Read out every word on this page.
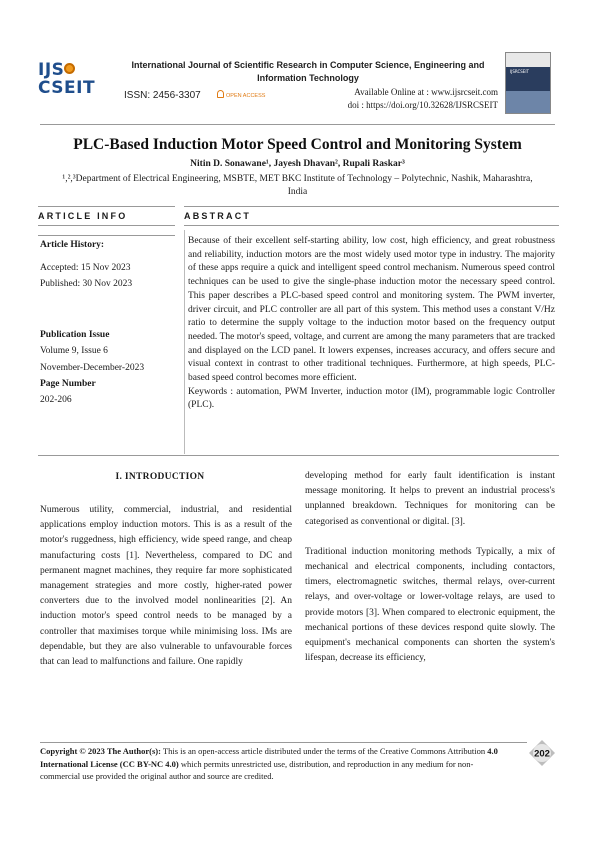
IJS
CSEIT
International Journal of Scientific Research in Computer Science, Engineering and Information Technology
ISSN: 2456-3307	OPEN ACCESS	Available Online at : www.ijsrcseit.com
doi : https://doi.org/10.32628/IJSRCSEIT
IJSRCSEIT
PLC-Based Induction Motor Speed Control and Monitoring System
Nitin D. Sonawane¹, Jayesh Dhavan², Rupali Raskar³
¹,²,³Department of Electrical Engineering, MSBTE, MET BKC Institute of Technology – Polytechnic, Nashik, Maharashtra, India
ARTICLE INFO	ABSTRACT
Article History:
Accepted: 15 Nov 2023
Published: 30 Nov 2023
Publication Issue
Volume 9, Issue 6
November-December-2023
Page Number
202-206
Because of their excellent self-starting ability, low cost, high efficiency, and great robustness and reliability, induction motors are the most widely used motor type in industry. The majority of these apps require a quick and intelligent speed control mechanism. Numerous speed control techniques can be used to give the single-phase induction motor the necessary speed control. This paper describes a PLC-based speed control and monitoring system. The PWM inverter, driver circuit, and PLC controller are all part of this system. This method uses a constant V/Hz ratio to determine the supply voltage to the induction motor based on the frequency output needed. The motor's speed, voltage, and current are among the many parameters that are tracked and displayed on the LCD panel. It lowers expenses, increases accuracy, and offers secure and visual context in contrast to other traditional techniques. Furthermore, at high speeds, PLC-based speed control becomes more efficient.
Keywords : automation, PWM Inverter, induction motor (IM), programmable logic Controller (PLC).
I. INTRODUCTION
Numerous utility, commercial, industrial, and residential applications employ induction motors. This is as a result of the motor's ruggedness, high efficiency, wide speed range, and cheap manufacturing costs [1]. Nevertheless, compared to DC and permanent magnet machines, they require far more sophisticated management strategies and more costly, higher-rated power converters due to the involved model nonlinearities [2]. An induction motor's speed control needs to be managed by a controller that maximises torque while minimising loss. IMs are dependable, but they are also vulnerable to unfavourable forces that can lead to malfunctions and failure. One rapidly
developing method for early fault identification is instant message monitoring. It helps to prevent an industrial process's unplanned breakdown. Techniques for monitoring can be categorised as conventional or digital. [3].
Traditional induction monitoring methods Typically, a mix of mechanical and electrical components, including contactors, timers, electromagnetic switches, thermal relays, over-current relays, and over-voltage or lower-voltage relays, are used to provide motors [3]. When compared to electronic equipment, the mechanical portions of these devices respond quite slowly. The equipment's mechanical components can shorten the system's lifespan, decrease its efficiency,
Copyright © 2023 The Author(s): This is an open-access article distributed under the terms of the Creative Commons Attribution 4.0 International License (CC BY-NC 4.0) which permits unrestricted use, distribution, and reproduction in any medium for non-commercial use provided the original author and source are credited.
202
